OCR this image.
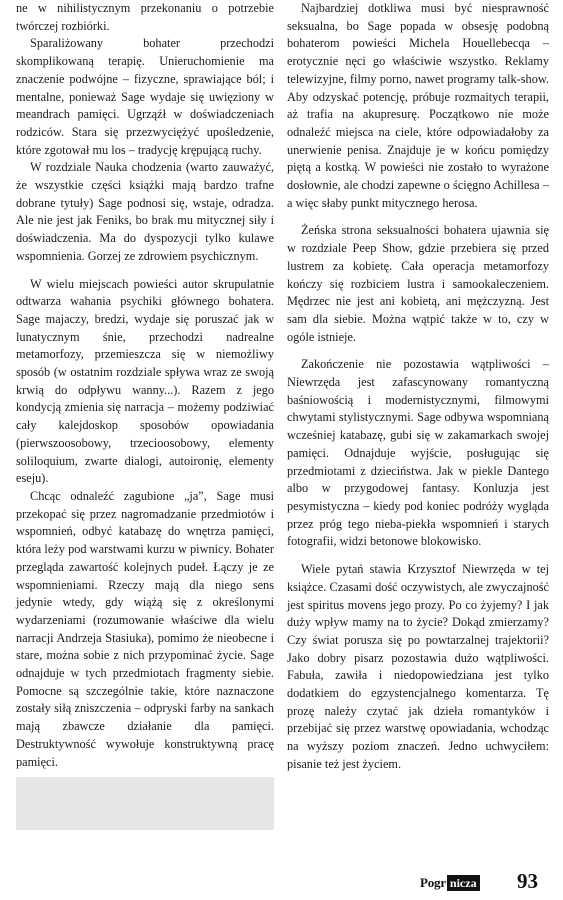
ne w nihilistycznym przekonaniu o potrzebie twórczej rozbiórki.

Sparaliżowany bohater przechodzi skomplikowaną terapię. Unieruchomienie ma znaczenie podwójne – fizyczne, sprawiające ból; i mentalne, ponieważ Sage wydaje się uwięziony w meandrach pamięci. Ugrząźł w doświadczeniach rodziców. Stara się przezwyciężyć upośledzenie, które zgotował mu los – tradycję krępującą ruchy.

W rozdziale Nauka chodzenia (warto zauważyć, że wszystkie części książki mają bardzo trafne dobrane tytuły) Sage podnosi się, wstaje, odradza. Ale nie jest jak Feniks, bo brak mu mitycznej siły i doświadczenia. Ma do dyspozycji tylko kulawe wspomnienia. Gorzej ze zdrowiem psychicznym.

W wielu miejscach powieści autor skrupulatnie odtwarza wahania psychiki głównego bohatera. Sage majaczy, bredzi, wydaje się poruszać jak w lunatycznym śnie, przechodzi nadrealne metamorfozy, przemieszcza się w niemożliwy sposób (w ostatnim rozdziale spływa wraz ze swoją krwią do odpływu wanny...). Razem z jego kondycją zmienia się narracja – możemy podziwiać cały kalejdoskop sposobów opowiadania (pierwszoosobowy, trzecioosobowy, elementy soliloquium, zwarte dialogi, autoironię, elementy eseju).

Chcąc odnaleźć zagubione „ja”, Sage musi przekopać się przez nagromadzanie przedmiotów i wspomnień, odbyć katabazę do wnętrza pamięci, która leży pod warstwami kurzu w piwnicy. Bohater przegląda zawartość kolejnych pudeł. Łączy je ze wspomnieniami. Rzeczy mają dla niego sens jedynie wtedy, gdy wiążą się z określonymi wydarzeniami (rozumowanie właściwe dla wielu narracji Andrzeja Stasiuka), pomimo że nieobecne i stare, można sobie z nich przypominać życie. Sage odnajduje w tych przedmiotach fragmenty siebie. Pomocne są szczególnie takie, które naznaczone zostały siłą zniszczenia – odpryski farby na sankach mają zbawcze działanie dla pamięci. Destruktywność wywołuje konstruktywną pracę pamięci.

Najbardziej dotkliwa musi być niesprawność seksualna, bo Sage popada w obsesję podobną bohaterom powieści Michela Houellebecqa – erotycznie nęci go właściwie wszystko. Reklamy telewizyjne, filmy porno, nawet programy talk-show. Aby odzyskać potencję, próbuje rozmaitych terapii, aż trafia na akupresurę. Początkowo nie może odnaleźć miejsca na ciele, które odpowiadałoby za unerwienie penisa. Znajduje je w końcu pomiędzy piętą a kostką. W powieści nie zostało to wyrażone dosłownie, ale chodzi zapewne o ścięgno Achillesa – a więc słaby punkt mitycznego herosa.

Żeńska strona seksualności bohatera ujawnia się w rozdziale Peep Show, gdzie przebiera się przed lustrem za kobietę. Cała operacja metamorfozy kończy się rozbiciem lustra i samookaleczeniem. Mędrzec nie jest ani kobietą, ani mężczyzną. Jest sam dla siebie. Można wątpić także w to, czy w ogóle istnieje.

Zakończenie nie pozostawia wątpliwości – Niewrzęda jest zafascynowany romantyczną baśniowością i modernistycznymi, filmowymi chwytami stylistycznymi. Sage odbywa wspomnianą wcześniej katabazę, gubi się w zakamarkach swojej pamięci. Odnajduje wyjście, posługując się przedmiotami z dzieciństwa. Jak w piekle Dantego albo w przygodowej fantasy. Konluzja jest pesymistyczna – kiedy pod koniec podróży wygląda przez próg tego nieba-piekła wspomnień i starych fotografii, widzi betonowe blokowisko.

Wiele pytań stawia Krzysztof Niewrzęda w tej książce. Czasami dość oczywistych, ale zwyczajność jest spiritus movens jego prozy. Po co żyjemy? I jak duży wpływ mamy na to życie? Dokąd zmierzamy? Czy świat porusza się po powtarzalnej trajektorii? Jako dobry pisarz pozostawia dużo wątpliwości. Fabuła, zawiła i niedopowiedziana jest tylko dodatkiem do egzystencjalnego komentarza. Tę prozę należy czytać jak dzieła romantyków i przebijać się przez warstwę opowiadania, wchodząc na wyższy poziom znaczeń. Jedno uchwyciłem: pisanie też jest życiem.

Pogr nicza 93
